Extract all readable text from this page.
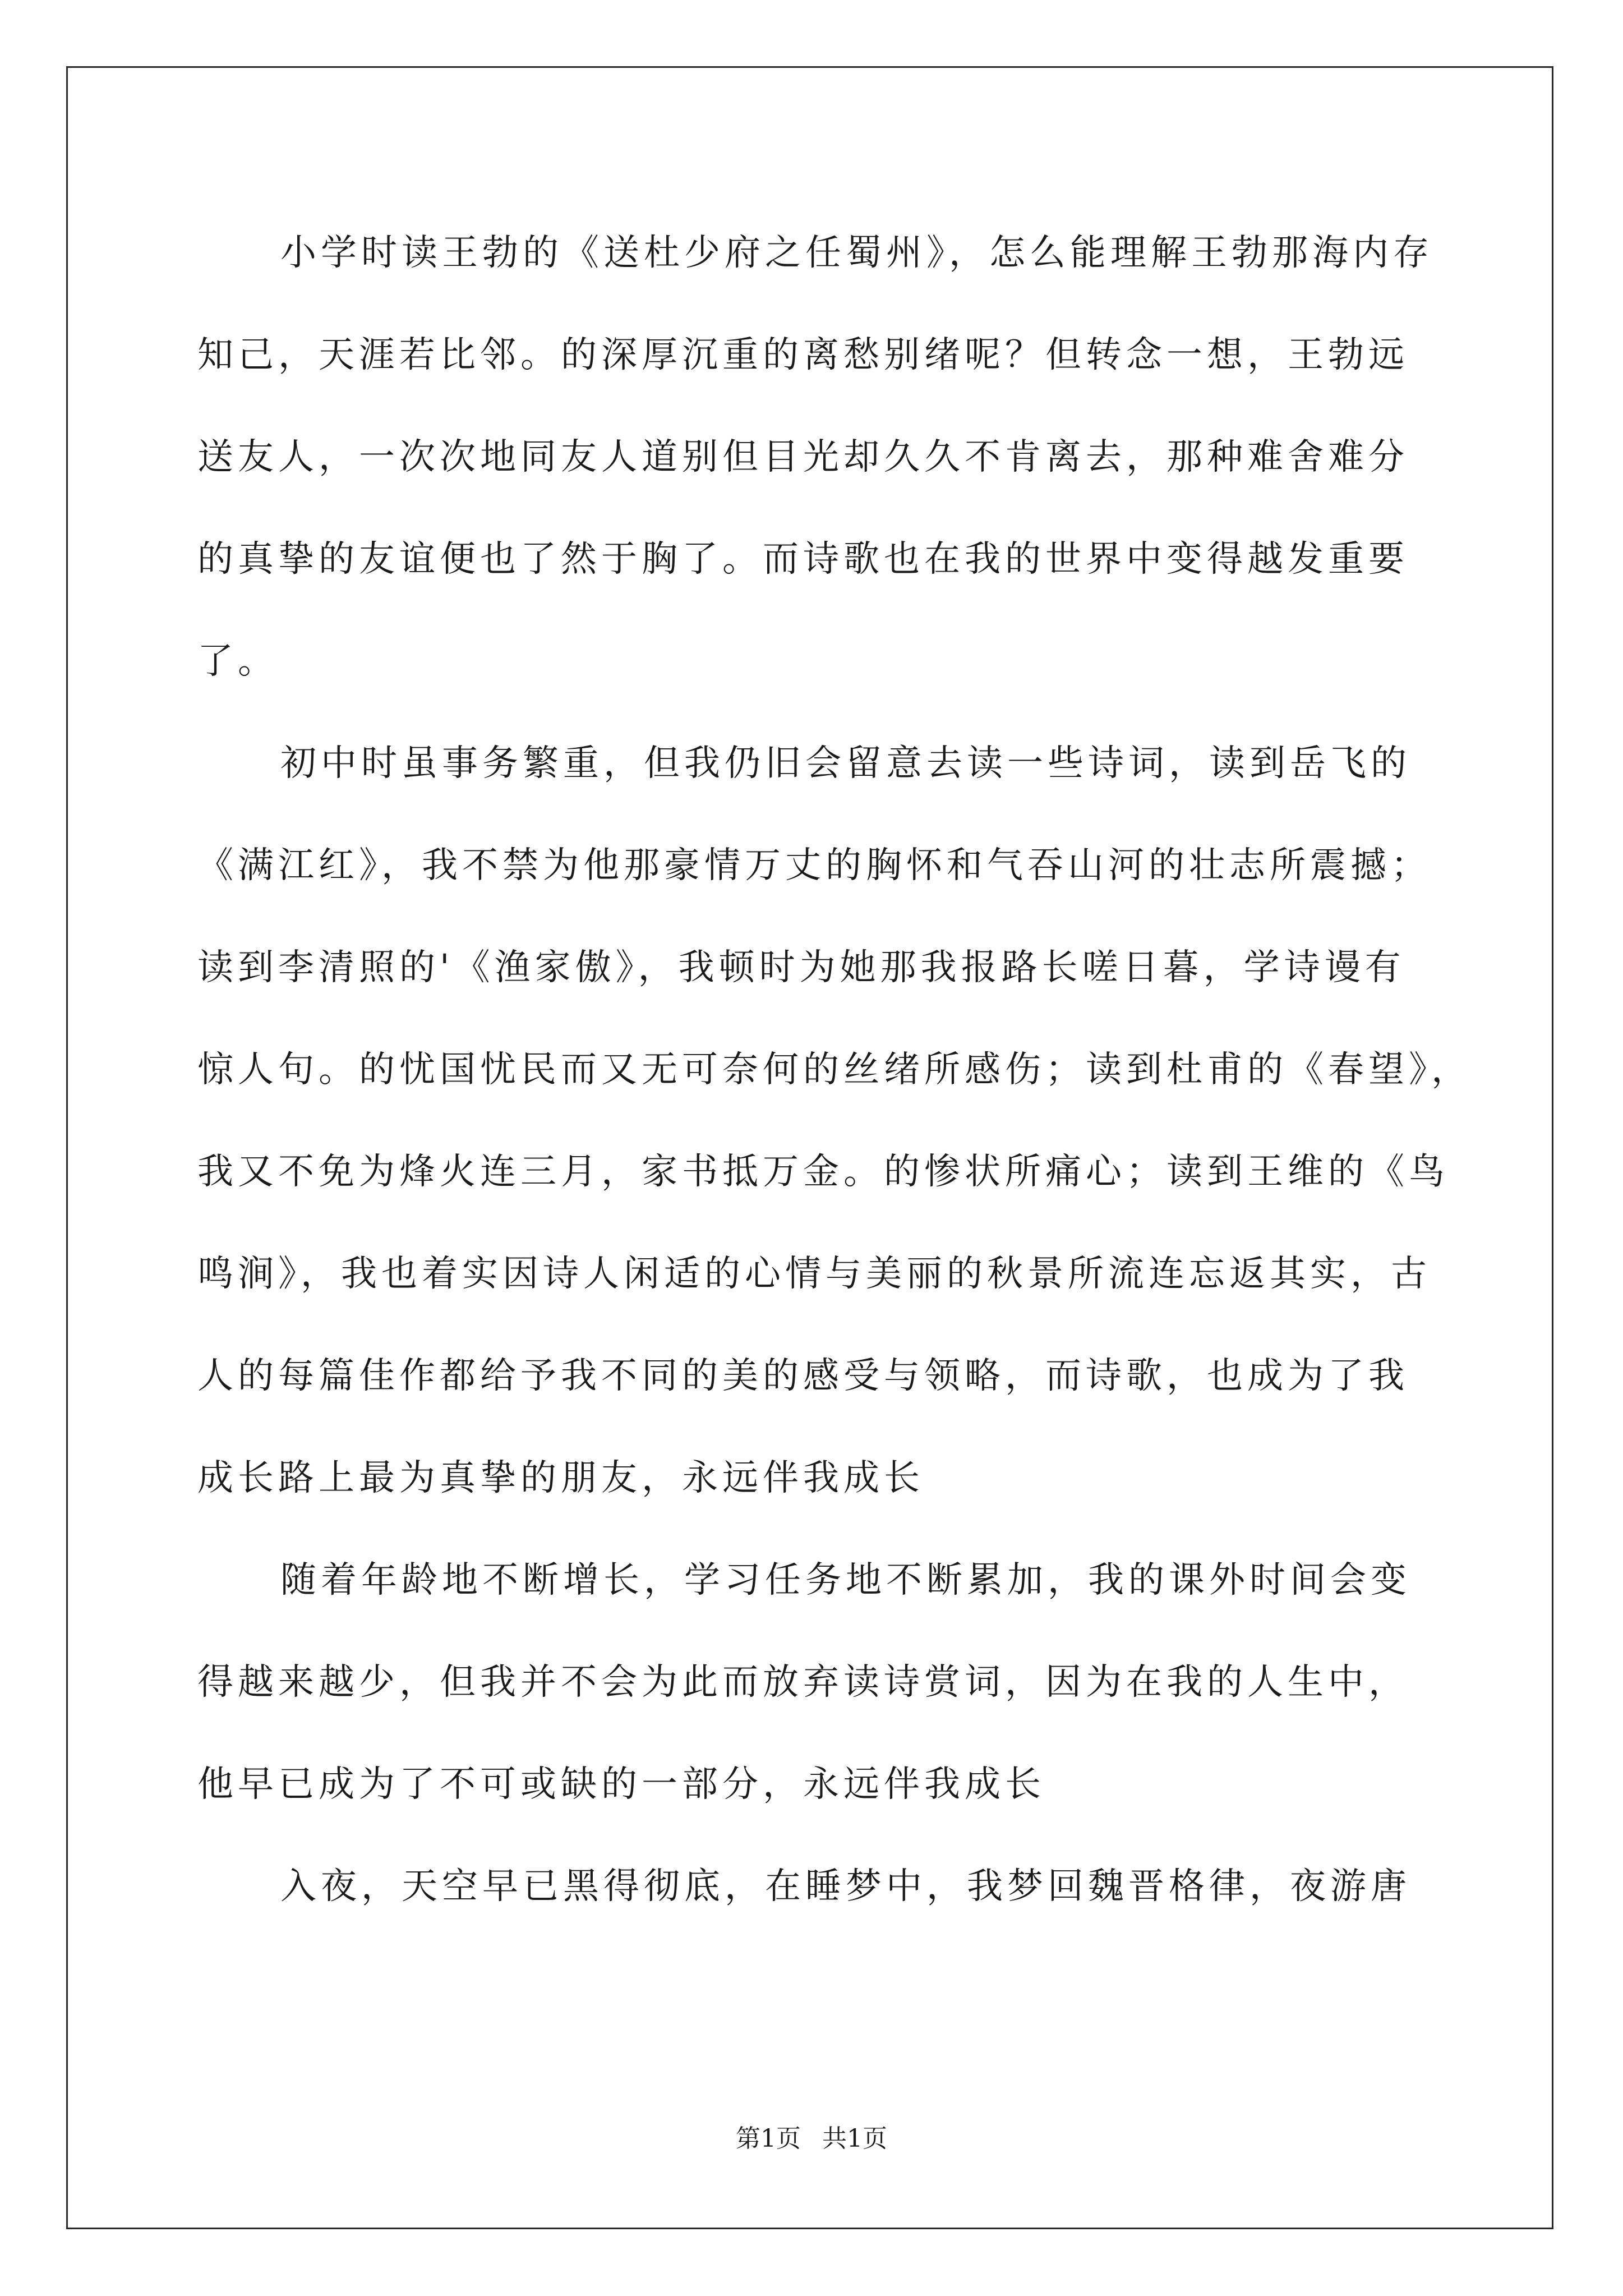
小学时读王勃的《送杜少府之任蜀州》，怎么能理解王勃那海内存
知己，天涯若比邻。的深厚沉重的离愁别绪呢？但转念一想，王勃远
送友人，一次次地同友人道别但目光却久久不肯离去，那种难舍难分
的真挚的友谊便也了然于胸了。而诗歌也在我的世界中变得越发重要
了。
初中时虽事务繁重，但我仍旧会留意去读一些诗词，读到岳飞的
《满江红》，我不禁为他那豪情万丈的胸怀和气吞山河的壮志所震撼；
读到李清照的'《渔家傲》，我顿时为她那我报路长嗟日暮，学诗谩有
惊人句。的忧国忧民而又无可奈何的丝绪所感伤；读到杜甫的《春望》，
我又不免为烽火连三月，家书抵万金。的惨状所痛心；读到王维的《鸟
鸣涧》，我也着实因诗人闲适的心情与美丽的秋景所流连忘返其实，古
人的每篇佳作都给予我不同的美的感受与领略，而诗歌，也成为了我
成长路上最为真挚的朋友，永远伴我成长
随着年龄地不断增长，学习任务地不断累加，我的课外时间会变
得越来越少，但我并不会为此而放弃读诗赏词，因为在我的人生中，
他早已成为了不可或缺的一部分，永远伴我成长
入夜，天空早已黑得彻底，在睡梦中，我梦回魏晋格律，夜游唐
第1页 共1页
